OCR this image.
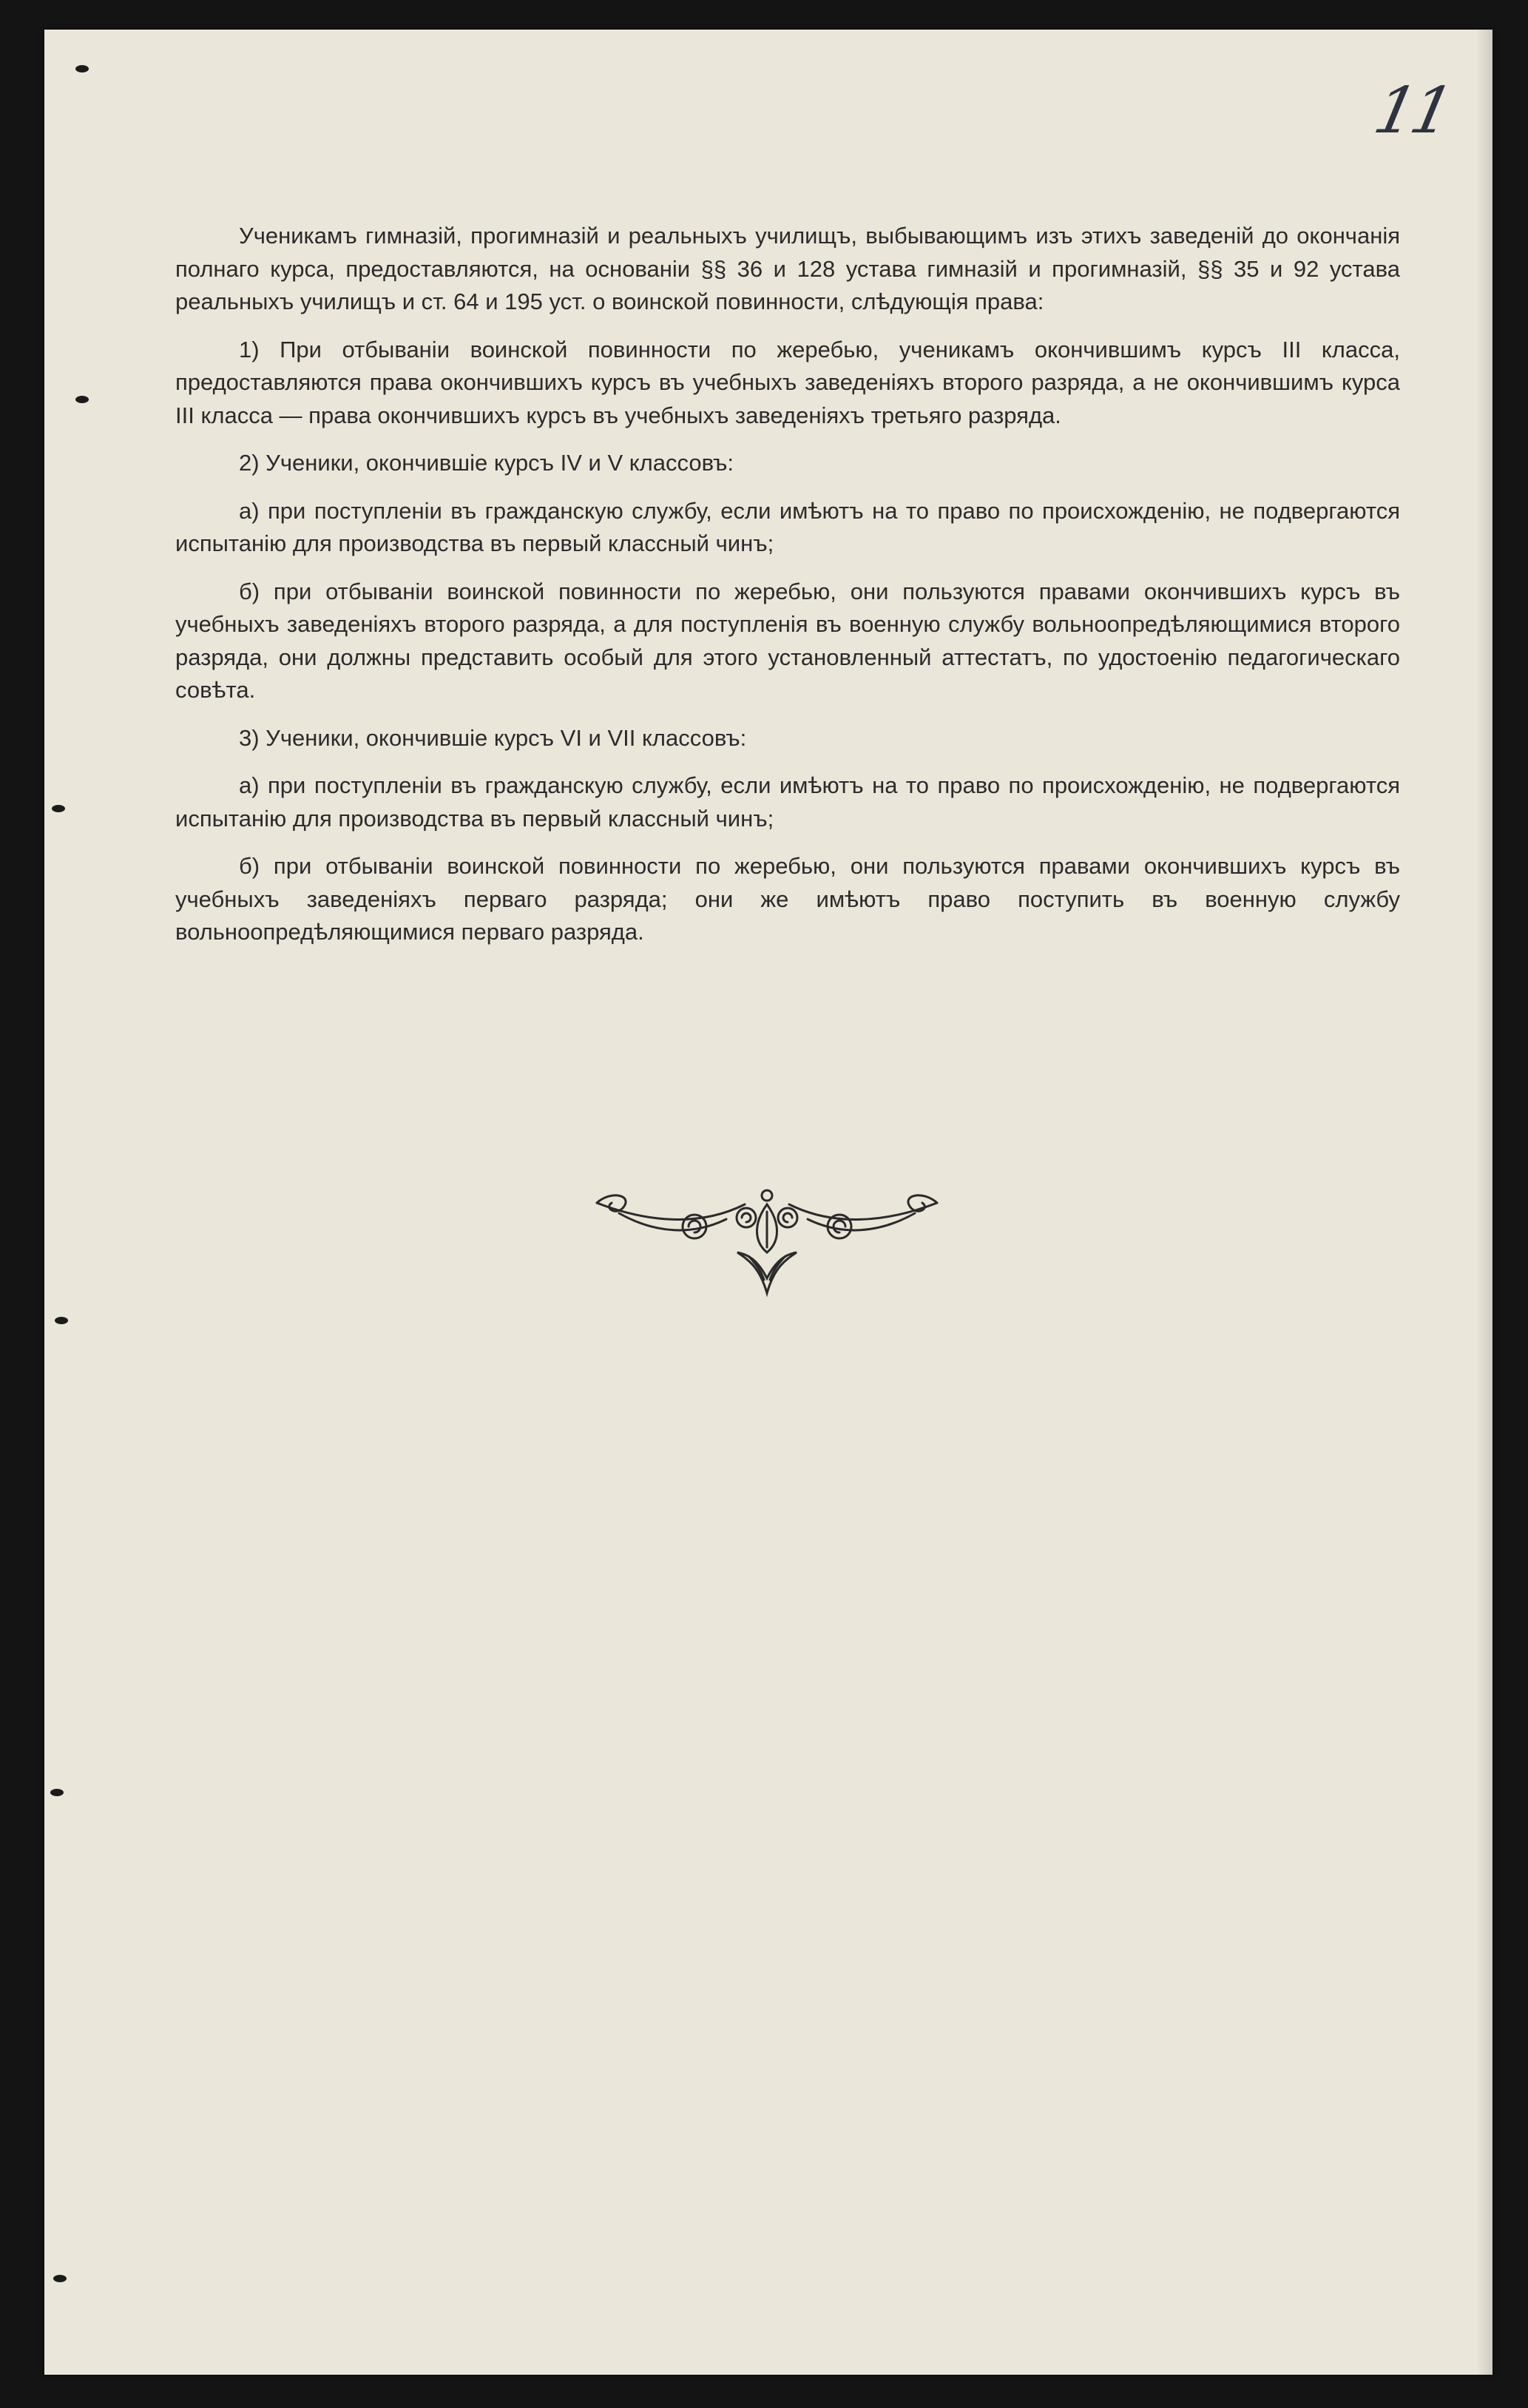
11

Ученикамъ гимназій, прогимназій и реальныхъ училищъ, выбывающимъ изъ этихъ заведеній до окончанія полнаго курса, предоставляются, на основаніи §§ 36 и 128 устава гимназій и прогимназій, §§ 35 и 92 устава реальныхъ училищъ и ст. 64 и 195 уст. о воинской повинности, слѣдующія права:

1) При отбываніи воинской повинности по жеребью, ученикамъ окончившимъ курсъ III класса, предоставляются права окончившихъ курсъ въ учебныхъ заведеніяхъ второго разряда, а не окончившимъ курса III класса — права окончившихъ курсъ въ учебныхъ заведеніяхъ третьяго разряда.

2) Ученики, окончившіе курсъ IV и V классовъ:

а) при поступленіи въ гражданскую службу, если имѣютъ на то право по происхожденію, не подвергаются испытанію для производства въ первый классный чинъ;

б) при отбываніи воинской повинности по жеребью, они пользуются правами окончившихъ курсъ въ учебныхъ заведеніяхъ второго разряда, а для поступленія въ военную службу вольноопредѣляющимися второго разряда, они должны представить особый для этого установленный аттестатъ, по удостоенію педагогическаго совѣта.

3) Ученики, окончившіе курсъ VI и VII классовъ:

а) при поступленіи въ гражданскую службу, если имѣютъ на то право по происхожденію, не подвергаются испытанію для производства въ первый классный чинъ;

б) при отбываніи воинской повинности по жеребью, они пользуются правами окончившихъ курсъ въ учебныхъ заведеніяхъ перваго разряда; они же имѣютъ право поступить въ военную службу вольноопредѣляющимися перваго разряда.
